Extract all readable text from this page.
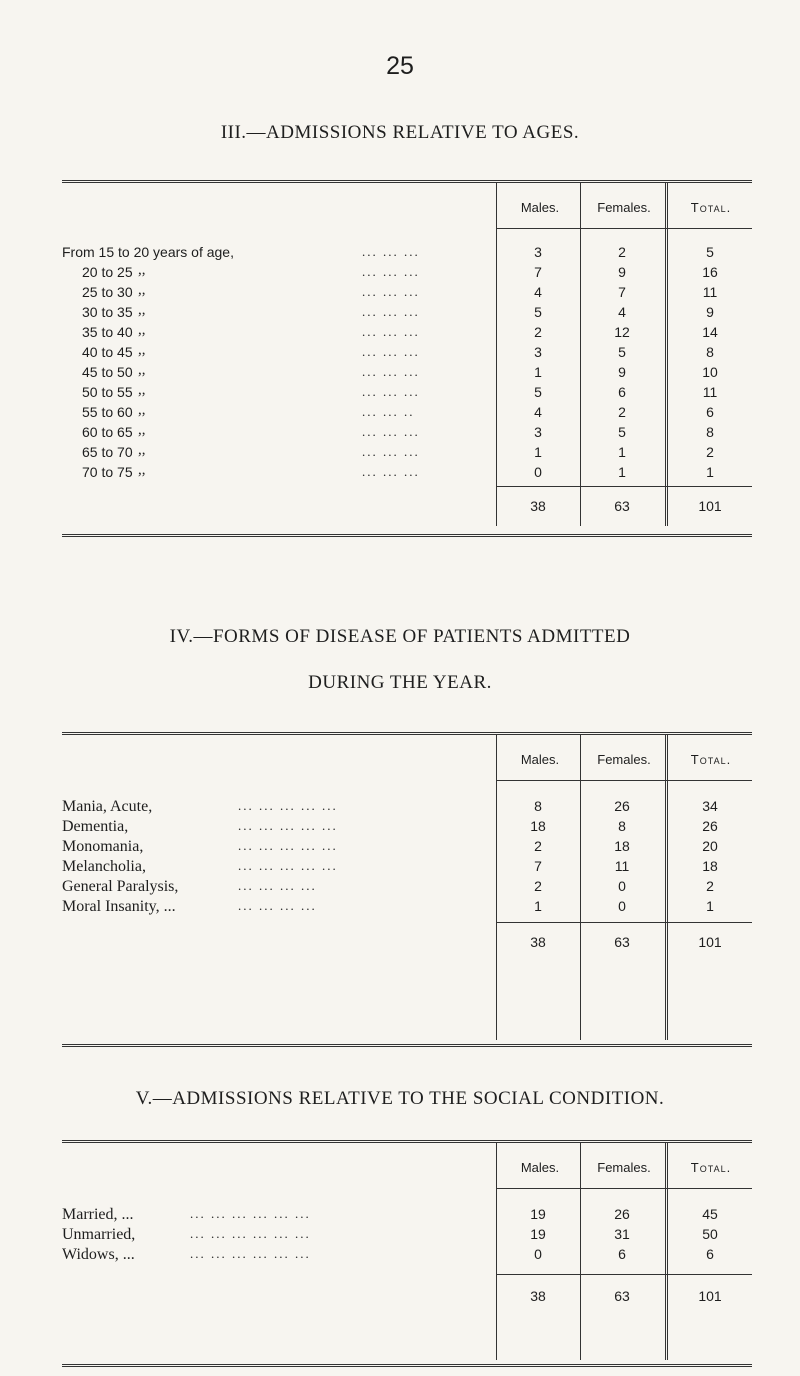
25
III.—ADMISSIONS RELATIVE TO AGES.
Males.	Females.	Total.
From 15 to 20 years of age,	... ... ...	3	2	5
20 to 25 ,,	... ... ...	7	9	16
25 to 30 ,,	... ... ...	4	7	11
30 to 35 ,,	... ... ...	5	4	9
35 to 40 ,,	... ... ...	2	12	14
40 to 45 ,,	... ... ...	3	5	8
45 to 50 ,,	... ... ...	1	9	10
50 to 55 ,,	... ... ...	5	6	11
55 to 60 ,,	... ... ..	4	2	6
60 to 65 ,,	... ... ...	3	5	8
65 to 70 ,,	... ... ...	1	1	2
70 to 75 ,,	... ... ...	0	1	1
38	63	101
IV.—FORMS OF DISEASE OF PATIENTS ADMITTED
DURING THE YEAR.
Males.	Females.	Total.
Mania, Acute,	... ... ... ... ...	8	26	34
Dementia,	... ... ... ... ...	18	8	26
Monomania,	... ... ... ... ...	2	18	20
Melancholia,	... ... ... ... ...	7	11	18
General Paralysis,	... ... ... ...	2	0	2
Moral Insanity, ...	... ... ... ...	1	0	1
38	63	101
V.—ADMISSIONS RELATIVE TO THE SOCIAL CONDITION.
Males.	Females.	Total.
Married, ...	... ... ... ... ... ...	19	26	45
Unmarried,	... ... ... ... ... ...	19	31	50
Widows, ...	... ... ... ... ... ...	0	6	6
38	63	101
